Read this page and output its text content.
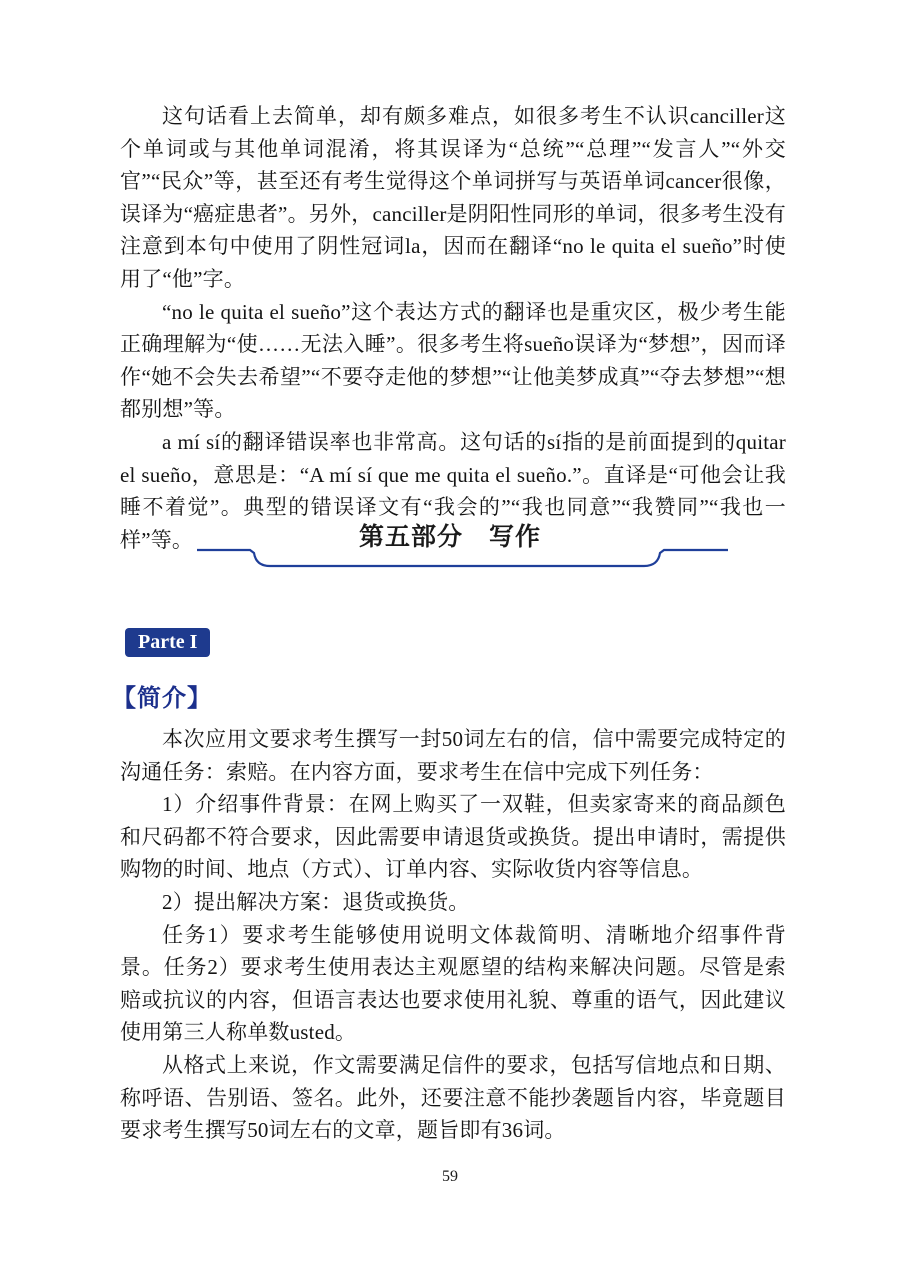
这句话看上去简单，却有颇多难点，如很多考生不认识canciller这个单词或与其他单词混淆，将其误译为“总统”“总理”“发言人”“外交官”“民众”等，甚至还有考生觉得这个单词拼写与英语单词cancer很像，误译为“癌症患者”。另外，canciller是阴阳性同形的单词，很多考生没有注意到本句中使用了阴性冠词la，因而在翻译“no le quita el sueño”时使用了“他”字。

“no le quita el sueño”这个表达方式的翻译也是重灾区，极少考生能正确理解为“使……无法入睡”。很多考生将sueño误译为“梦想”，因而译作“她不会失去希望”“不要夺走他的梦想”“让他美梦成真”“夺去梦想”“想都别想”等。

a mí sí的翻译错误率也非常高。这句话的sí指的是前面提到的quitar el sueño，意思是：“A mí sí que me quita el sueño.”。直译是“可他会让我睡不着觉”。典型的错误译文有“我会的”“我也同意”“我赞同”“我也一样”等。	第五部分　写作
Parte I
【简介】

本次应用文要求考生撰写一封50词左右的信，信中需要完成特定的沟通任务：索赔。在内容方面，要求考生在信中完成下列任务：

1）介绍事件背景：在网上购买了一双鞋，但卖家寄来的商品颜色和尺码都不符合要求，因此需要申请退货或换货。提出申请时，需提供购物的时间、地点（方式）、订单内容、实际收货内容等信息。

2）提出解决方案：退货或换货。

任务1）要求考生能够使用说明文体裁简明、清晰地介绍事件背景。任务2）要求考生使用表达主观愿望的结构来解决问题。尽管是索赔或抗议的内容，但语言表达也要求使用礼貌、尊重的语气，因此建议使用第三人称单数usted。

从格式上来说，作文需要满足信件的要求，包括写信地点和日期、称呼语、告别语、签名。此外，还要注意不能抄袭题旨内容，毕竟题目要求考生撰写50词左右的文章，题旨即有36词。

59
